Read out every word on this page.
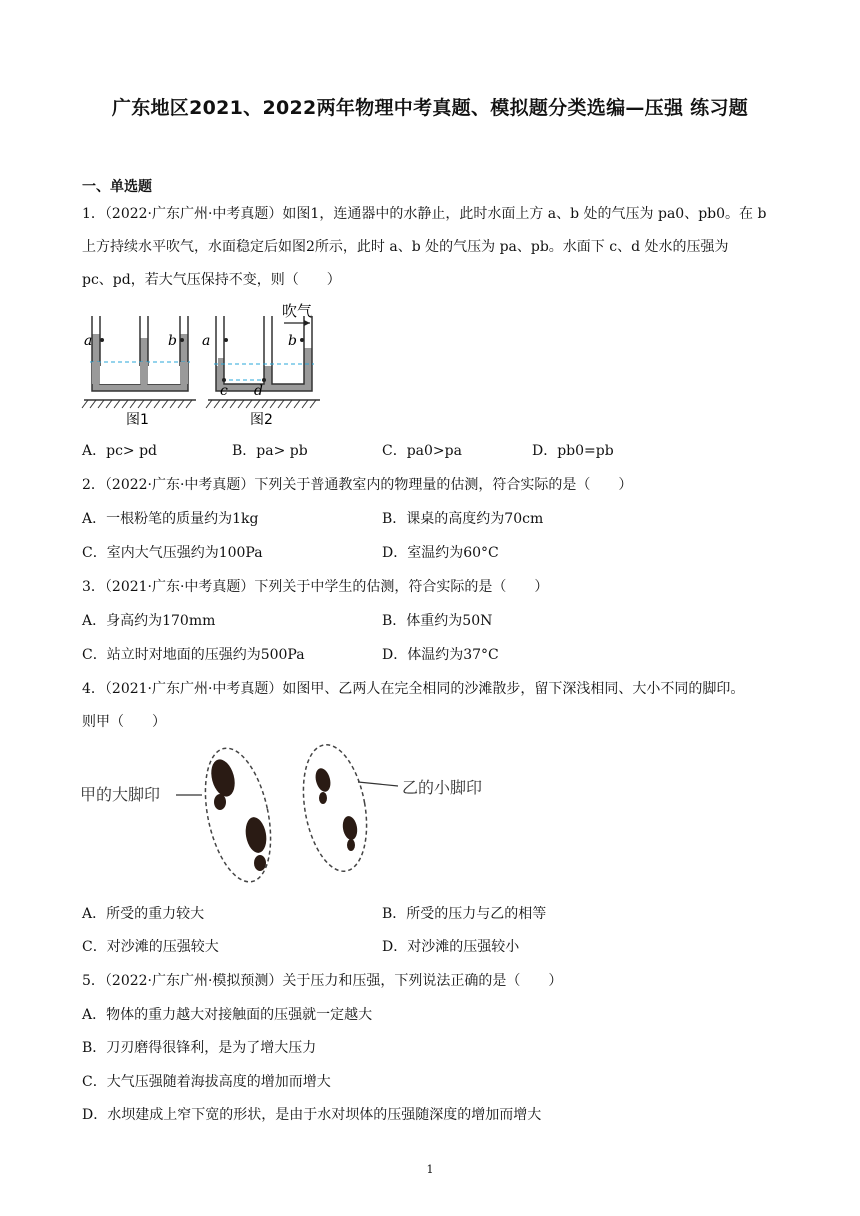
广东地区2021、2022两年物理中考真题、模拟题分类选编—压强 练习题
一、单选题
1．（2022·广东广州·中考真题）如图1，连通器中的水静止，此时水面上方 a、b 处的气压为 pa0、pb0。在 b
上方持续水平吹气，水面稳定后如图2所示，此时 a、b 处的气压为 pa、pb。水面下 c、d 处水的压强为
pc、pd，若大气压保持不变，则（　　）
a	b
图1
a	b
c d
吹气
图2
A．pc> pd	B．pa> pb	C．pa0>pa	D．pb0=pb
2．（2022·广东·中考真题）下列关于普通教室内的物理量的估测，符合实际的是（　　）
A．一根粉笔的质量约为1kg	B．课桌的高度约为70cm
C．室内大气压强约为100Pa	D．室温约为60°C
3．（2021·广东·中考真题）下列关于中学生的估测，符合实际的是（　　）
A．身高约为170mm	B．体重约为50N
C．站立时对地面的压强约为500Pa	D．体温约为37°C
4．（2021·广东广州·中考真题）如图甲、乙两人在完全相同的沙滩散步，留下深浅相同、大小不同的脚印。
则甲（　　）
甲的大脚印	乙的小脚印
A．所受的重力较大	B．所受的压力与乙的相等
C．对沙滩的压强较大	D．对沙滩的压强较小
5．（2022·广东广州·模拟预测）关于压力和压强，下列说法正确的是（　　）
A．物体的重力越大对接触面的压强就一定越大
B．刀刃磨得很锋利，是为了增大压力
C．大气压强随着海拔高度的增加而增大
D．水坝建成上窄下宽的形状，是由于水对坝体的压强随深度的增加而增大
1
